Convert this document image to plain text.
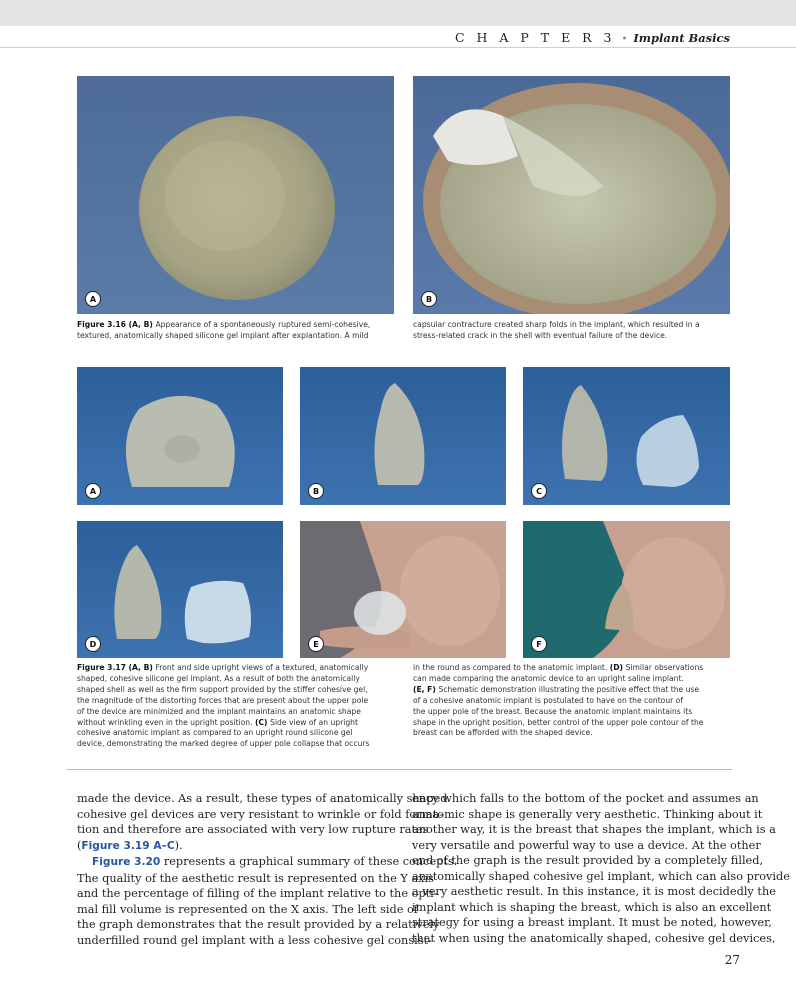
C H A P T E R 3 • Implant Basics
A	B
Figure 3.16 (A, B) Appearance of a spontaneously ruptured semi-cohesive,
textured, anatomically shaped silicone gel implant after explantation. A mild
capsular contracture created sharp folds in the implant, which resulted in a
stress-related crack in the shell with eventual failure of the device.
A	B	C
D	E	F
Figure 3.17 (A, B) Front and side upright views of a textured, anatomically
shaped, cohesive silicone gel implant. As a result of both the anatomically
shaped shell as well as the firm support provided by the stiffer cohesive gel,
the magnitude of the distorting forces that are present about the upper pole
of the device are minimized and the implant maintains an anatomic shape
without wrinkling even in the upright position. (C) Side view of an upright
cohesive anatomic implant as compared to an upright round silicone gel
device, demonstrating the marked degree of upper pole collapse that occurs
in the round as compared to the anatomic implant. (D) Similar observations
can made comparing the anatomic device to an upright saline implant.
(E, F) Schematic demonstration illustrating the positive effect that the use
of a cohesive anatomic implant is postulated to have on the contour of
the upper pole of the breast. Because the anatomic implant maintains its
shape in the upright position, better control of the upper pole contour of the
breast can be afforded with the shaped device.
made the device. As a result, these types of anatomically shaped
cohesive gel devices are very resistant to wrinkle or fold forma-
tion and therefore are associated with very low rupture rates
(Figure 3.19 A–C).
Figure 3.20 represents a graphical summary of these concepts.
The quality of the aesthetic result is represented on the Y axis
and the percentage of filling of the implant relative to the opti-
mal fill volume is represented on the X axis. The left side of
the graph demonstrates that the result provided by a relatively
underfilled round gel implant with a less cohesive gel consist-
ency which falls to the bottom of the pocket and assumes an
anatomic shape is generally very aesthetic. Thinking about it
another way, it is the breast that shapes the implant, which is a
very versatile and powerful way to use a device. At the other
end of the graph is the result provided by a completely filled,
anatomically shaped cohesive gel implant, which can also provide
a very aesthetic result. In this instance, it is most decidedly the
implant which is shaping the breast, which is also an excellent
strategy for using a breast implant. It must be noted, however,
that when using the anatomically shaped, cohesive gel devices,
27
